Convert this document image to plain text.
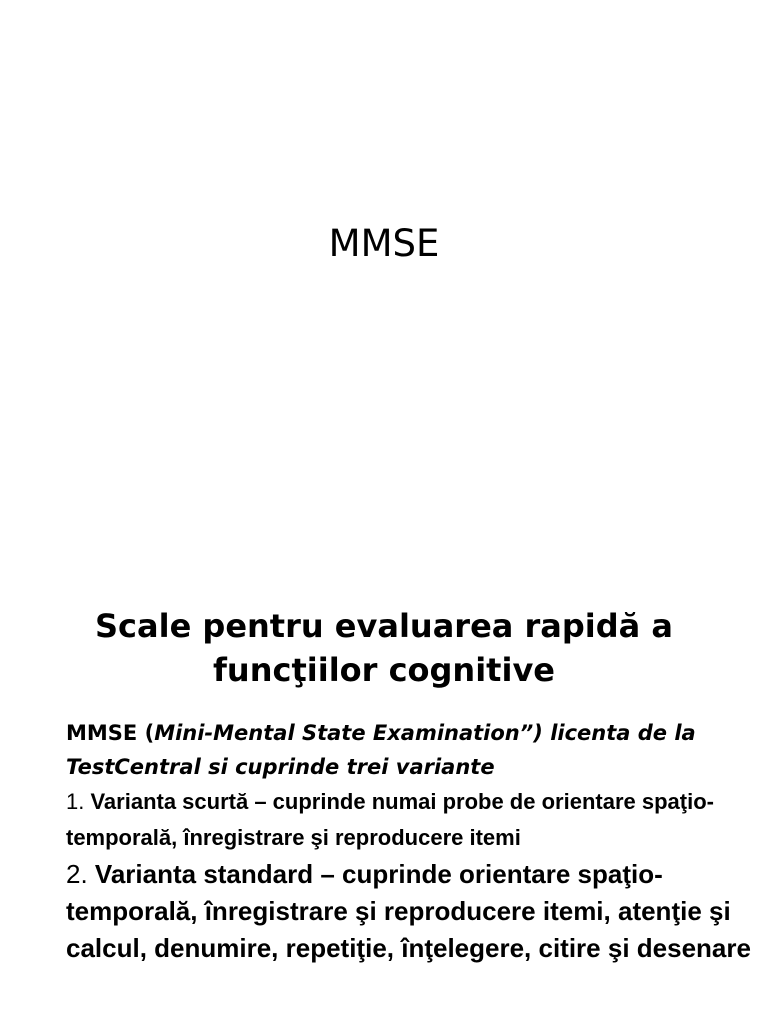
MMSE
Scale pentru evaluarea rapidă a
funcţiilor cognitive

MMSE (Mini-Mental State Examination”) licenta de la TestCentral si cuprinde trei variante

1. Varianta scurtă – cuprinde numai probe de orientare spaţio-temporală, înregistrare şi reproducere itemi

2. Varianta standard – cuprinde orientare spaţio-temporală, înregistrare şi reproducere itemi, atenţie şi calcul, denumire, repetiţie, înţelegere, citire şi desenare
